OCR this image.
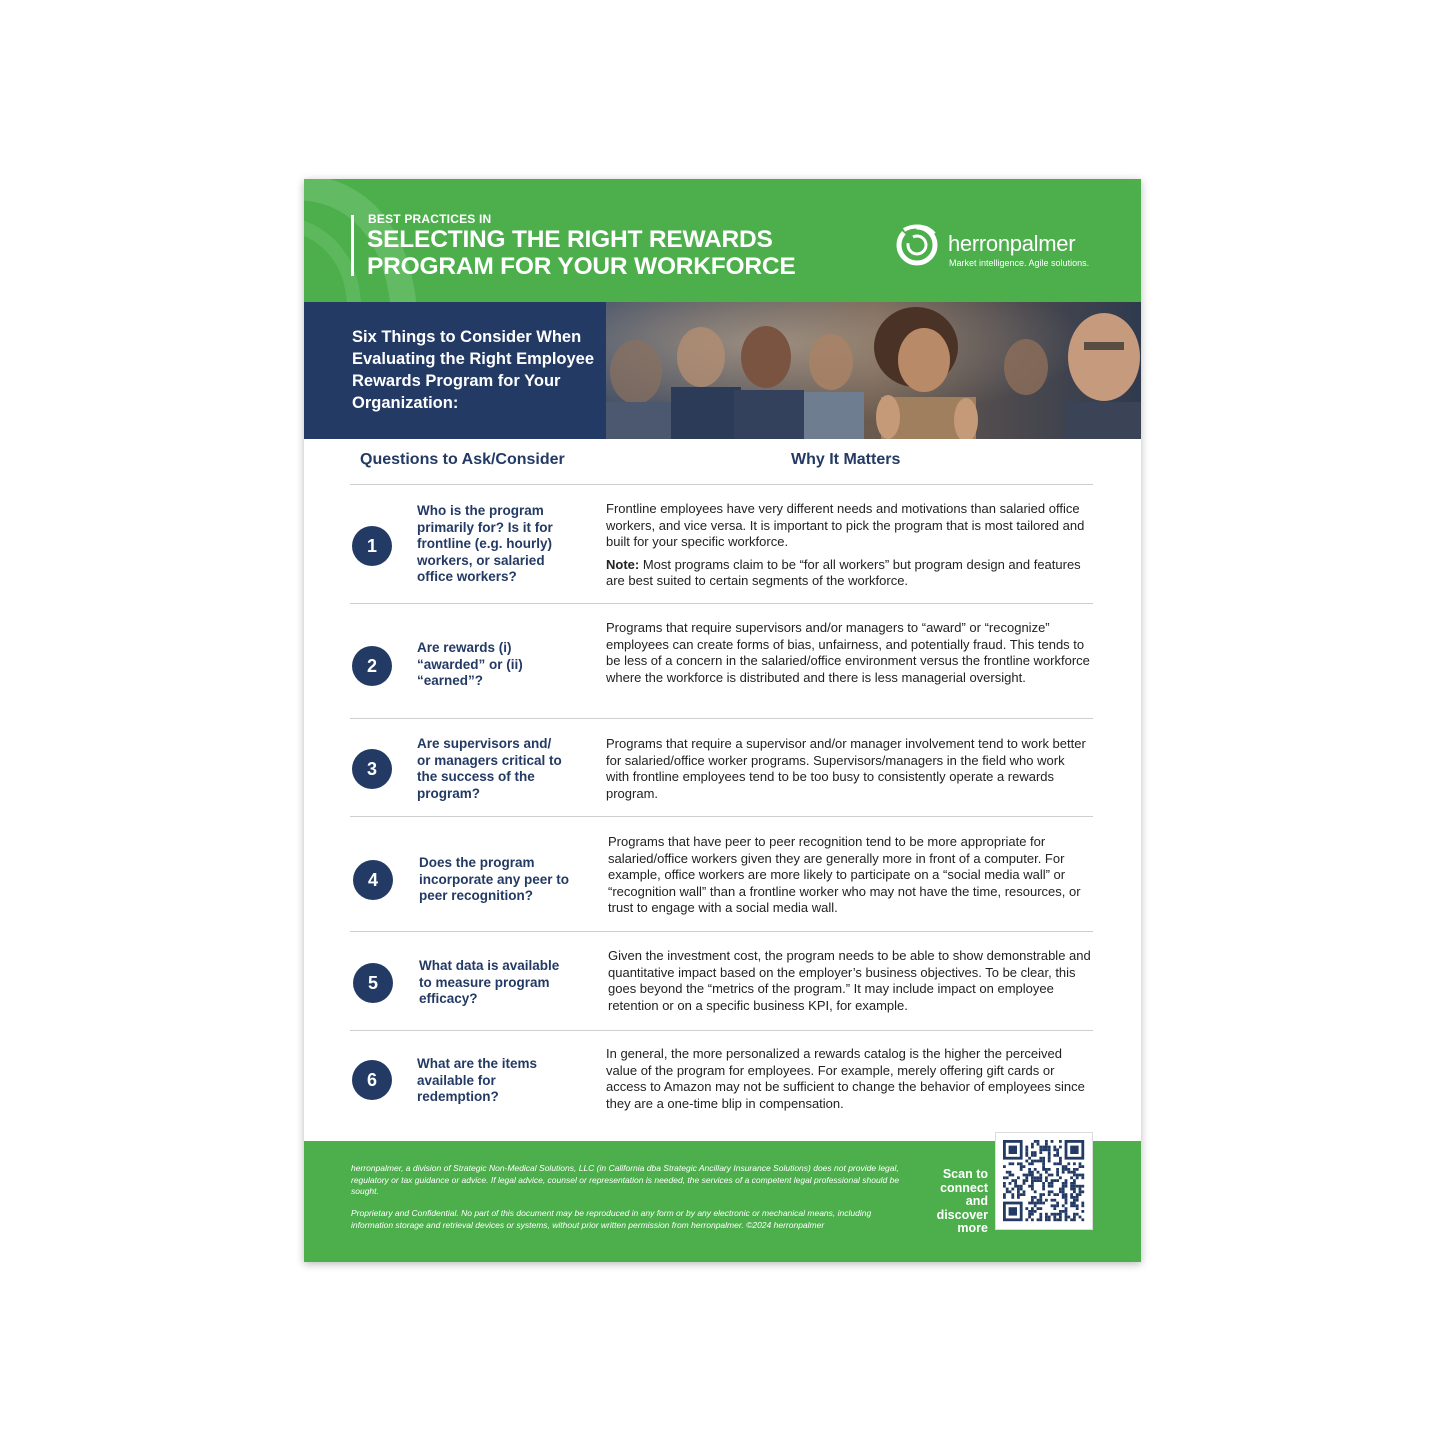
BEST PRACTICES IN
SELECTING THE RIGHT REWARDS
PROGRAM FOR YOUR WORKFORCE
herronpalmer
Market intelligence. Agile solutions.
Six Things to Consider When Evaluating the Right Employee Rewards Program for Your Organization:
Questions to Ask/Consider	Why It Matters
1
Who is the program primarily for? Is it for frontline (e.g. hourly) workers, or salaried office workers?

Frontline employees have very different needs and motivations than salaried office workers, and vice versa. It is important to pick the program that is most tailored and built for your specific workforce.

Note: Most programs claim to be “for all workers” but program design and features are best suited to certain segments of the workforce.

2
Are rewards (i) “awarded” or (ii) “earned”?
Programs that require supervisors and/or managers to “award” or “recognize” employees can create forms of bias, unfairness, and potentially fraud. This tends to be less of a concern in the salaried/office environment versus the frontline workforce where the workforce is distributed and there is less managerial oversight.
3
Are supervisors and/ or managers critical to the success of the program?
Programs that require a supervisor and/or manager involvement tend to work better for salaried/office worker programs. Supervisors/managers in the field who work with frontline employees tend to be too busy to consistently operate a rewards program.
4
Does the program incorporate any peer to peer recognition?
Programs that have peer to peer recognition tend to be more appropriate for salaried/office workers given they are generally more in front of a computer. For example, office workers are more likely to participate on a “social media wall” or “recognition wall” than a frontline worker who may not have the time, resources, or trust to engage with a social media wall.
5
What data is available to measure program efficacy?
Given the investment cost, the program needs to be able to show demonstrable and quantitative impact based on the employer’s business objectives. To be clear, this goes beyond the “metrics of the program.” It may include impact on employee retention or on a specific business KPI, for example.
6
What are the items available for redemption?
In general, the more personalized a rewards catalog is the higher the perceived value of the program for employees. For example, merely offering gift cards or access to Amazon may not be sufficient to change the behavior of employees since they are a one-time blip in compensation.
herronpalmer, a division of Strategic Non-Medical Solutions, LLC (in California dba Strategic Ancillary Insurance Solutions) does not provide legal, regulatory or tax guidance or advice. If legal advice, counsel or representation is needed, the services of a competent legal professional should be sought.
Proprietary and Confidential. No part of this document may be reproduced in any form or by any electronic or mechanical means, including information storage and retrieval devices or systems, without prior written permission from herronpalmer. ©2024 herronpalmer
Scan to connect and discover more
